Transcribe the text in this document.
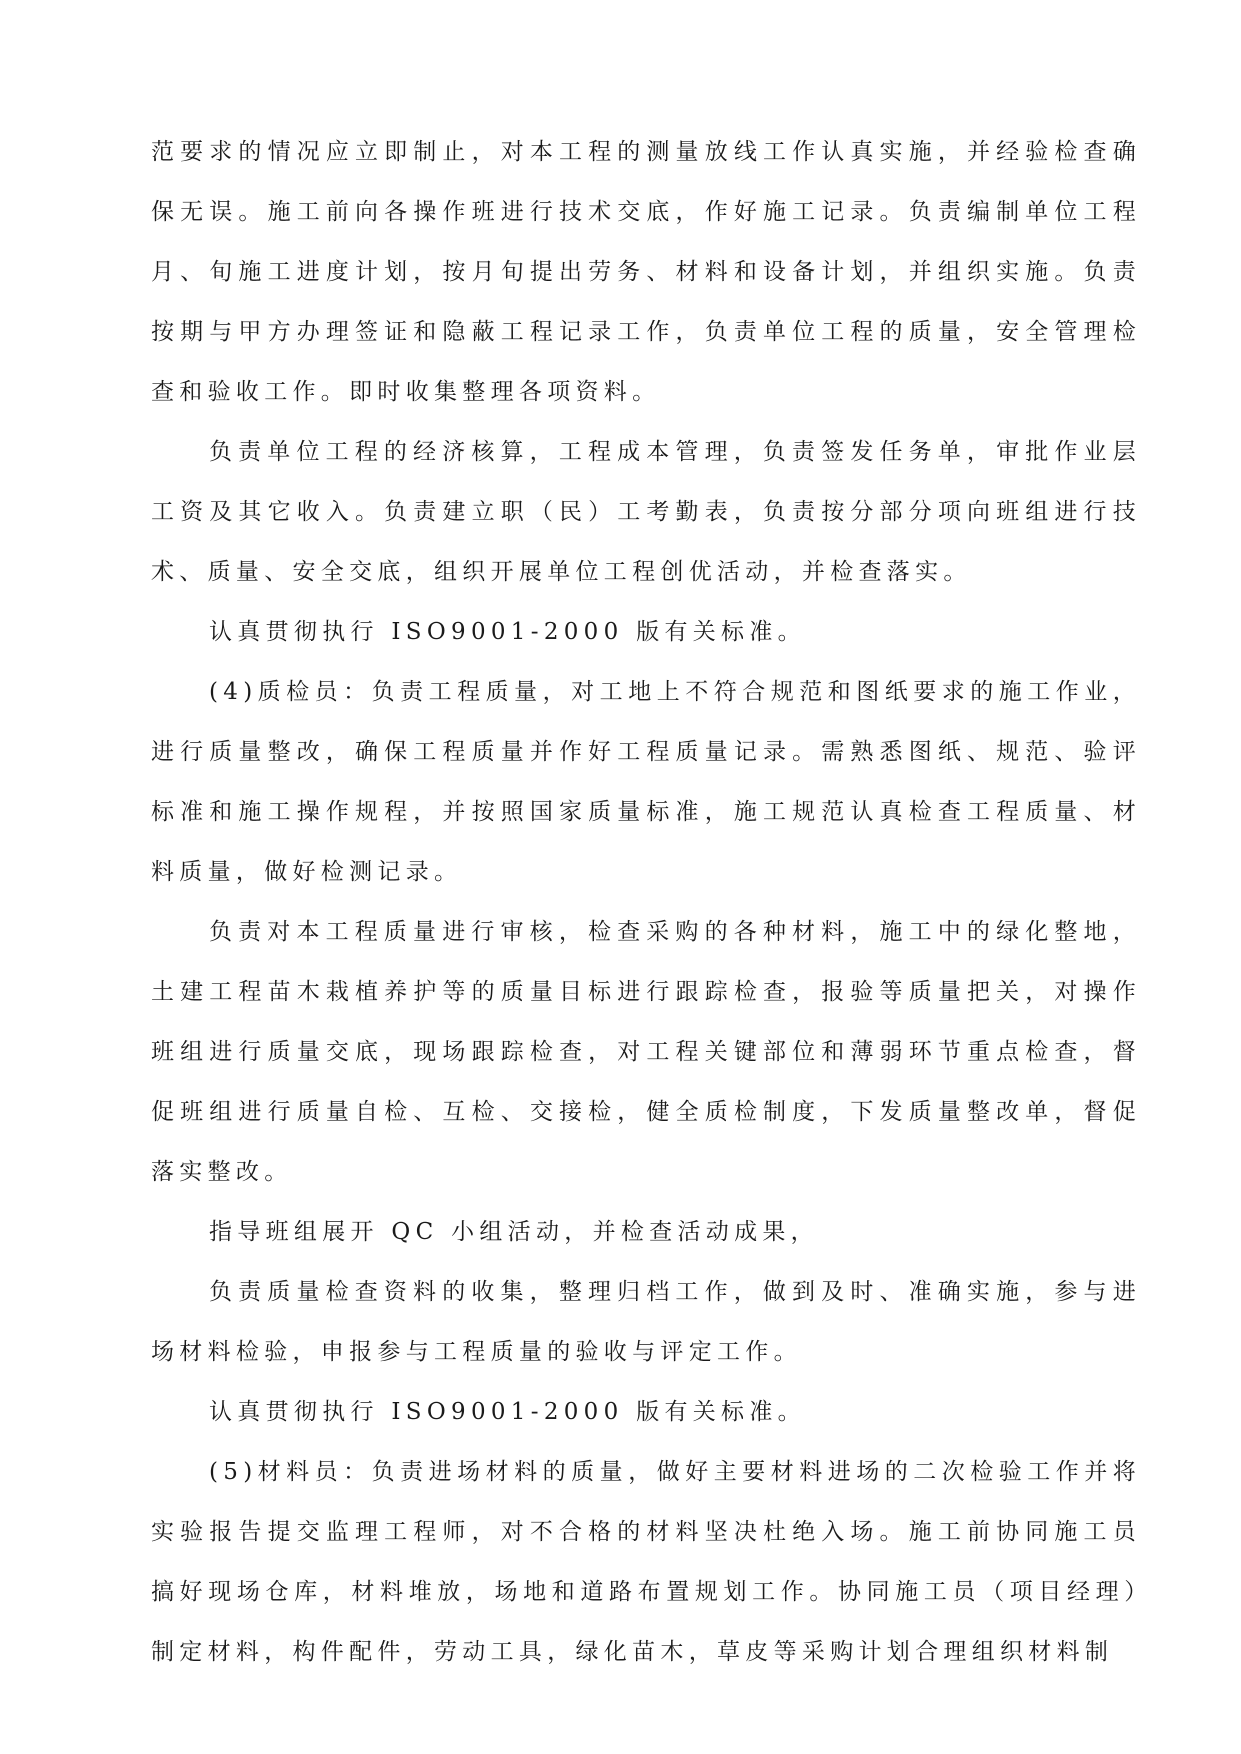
范要求的情况应立即制止，对本工程的测量放线工作认真实施，并经验检查确保无误。施工前向各操作班进行技术交底，作好施工记录。负责编制单位工程月、旬施工进度计划，按月旬提出劳务、材料和设备计划，并组织实施。负责按期与甲方办理签证和隐蔽工程记录工作，负责单位工程的质量，安全管理检查和验收工作。即时收集整理各项资料。

负责单位工程的经济核算，工程成本管理，负责签发任务单，审批作业层工资及其它收入。负责建立职（民）工考勤表，负责按分部分项向班组进行技术、质量、安全交底，组织开展单位工程创优活动，并检查落实。

认真贯彻执行 ISO9001-2000 版有关标准。

(4)质检员：负责工程质量，对工地上不符合规范和图纸要求的施工作业，进行质量整改，确保工程质量并作好工程质量记录。需熟悉图纸、规范、验评标准和施工操作规程，并按照国家质量标准，施工规范认真检查工程质量、材料质量，做好检测记录。

负责对本工程质量进行审核，检查采购的各种材料，施工中的绿化整地，土建工程苗木栽植养护等的质量目标进行跟踪检查，报验等质量把关，对操作班组进行质量交底，现场跟踪检查，对工程关键部位和薄弱环节重点检查，督促班组进行质量自检、互检、交接检，健全质检制度，下发质量整改单，督促落实整改。

指导班组展开 QC 小组活动，并检查活动成果，

负责质量检查资料的收集，整理归档工作，做到及时、准确实施，参与进场材料检验，申报参与工程质量的验收与评定工作。

认真贯彻执行 ISO9001-2000 版有关标准。

(5)材料员：负责进场材料的质量，做好主要材料进场的二次检验工作并将实验报告提交监理工程师，对不合格的材料坚决杜绝入场。施工前协同施工员搞好现场仓库，材料堆放，场地和道路布置规划工作。协同施工员（项目经理）制定材料，构件配件，劳动工具，绿化苗木，草皮等采购计划合理组织材料制
